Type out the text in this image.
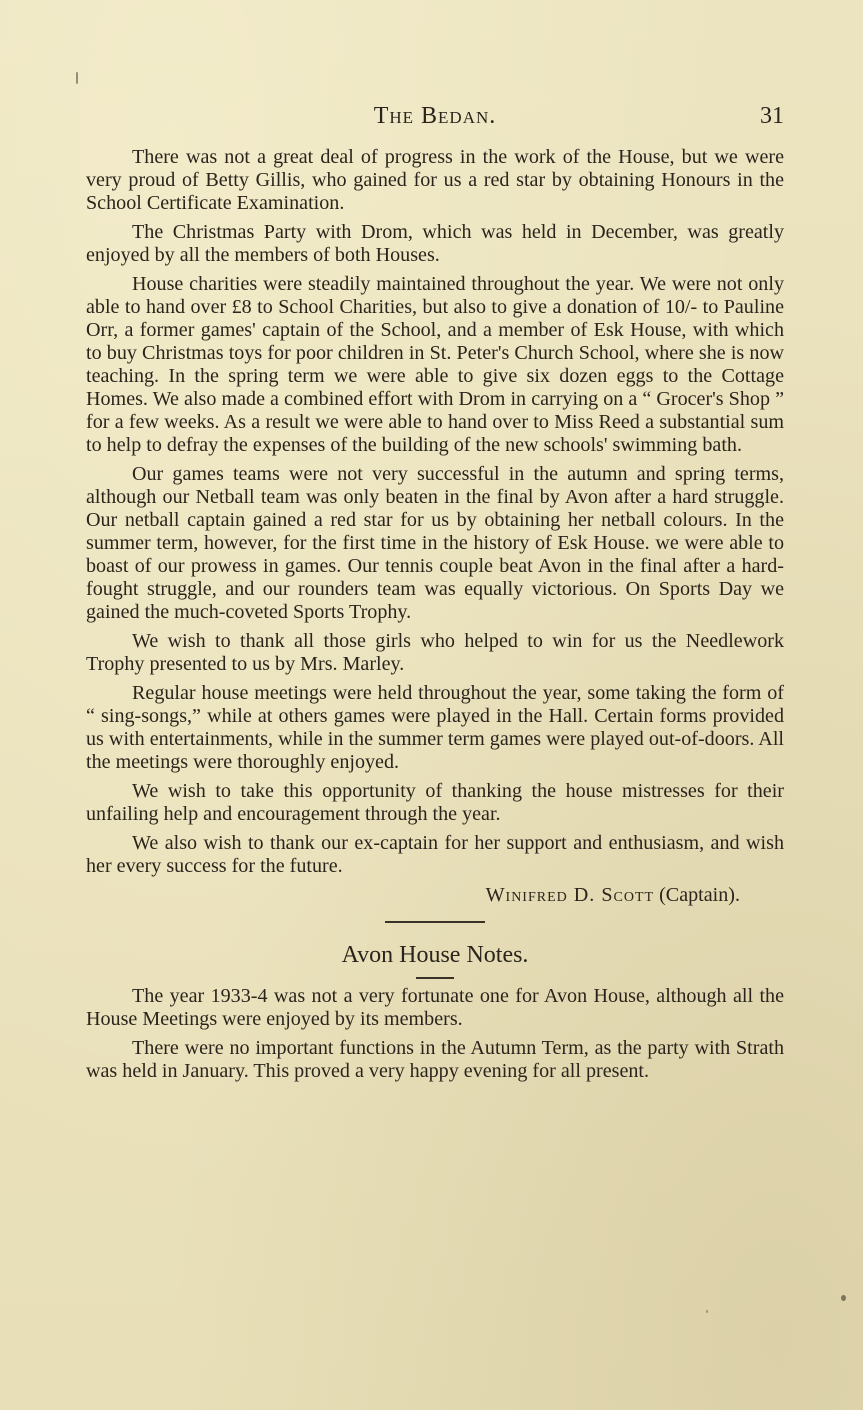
The Bedan.	31

There was not a great deal of progress in the work of the House, but we were very proud of Betty Gillis, who gained for us a red star by obtaining Honours in the School Certificate Examination.

The Christmas Party with Drom, which was held in December, was greatly enjoyed by all the members of both Houses.

House charities were steadily maintained throughout the year. We were not only able to hand over £8 to School Charities, but also to give a donation of 10/- to Pauline Orr, a former games' captain of the School, and a member of Esk House, with which to buy Christmas toys for poor children in St. Peter's Church School, where she is now teaching. In the spring term we were able to give six dozen eggs to the Cottage Homes. We also made a combined effort with Drom in carrying on a “ Grocer's Shop ” for a few weeks. As a result we were able to hand over to Miss Reed a substantial sum to help to defray the expenses of the building of the new schools' swimming bath.

Our games teams were not very successful in the autumn and spring terms, although our Netball team was only beaten in the final by Avon after a hard struggle. Our netball captain gained a red star for us by obtaining her netball colours. In the summer term, however, for the first time in the history of Esk House. we were able to boast of our prowess in games. Our tennis couple beat Avon in the final after a hard-fought struggle, and our rounders team was equally victorious. On Sports Day we gained the much-coveted Sports Trophy.

We wish to thank all those girls who helped to win for us the Needlework Trophy presented to us by Mrs. Marley.

Regular house meetings were held throughout the year, some taking the form of “ sing-songs,” while at others games were played in the Hall. Certain forms provided us with entertainments, while in the summer term games were played out-of-doors. All the meetings were thoroughly enjoyed.

We wish to take this opportunity of thanking the house mistresses for their unfailing help and encouragement through the year.

We also wish to thank our ex-captain for her support and enthusiasm, and wish her every success for the future.

Winifred D. Scott (Captain).
Avon House Notes.

The year 1933-4 was not a very fortunate one for Avon House, although all the House Meetings were enjoyed by its members.

There were no important functions in the Autumn Term, as the party with Strath was held in January. This proved a very happy evening for all present.
